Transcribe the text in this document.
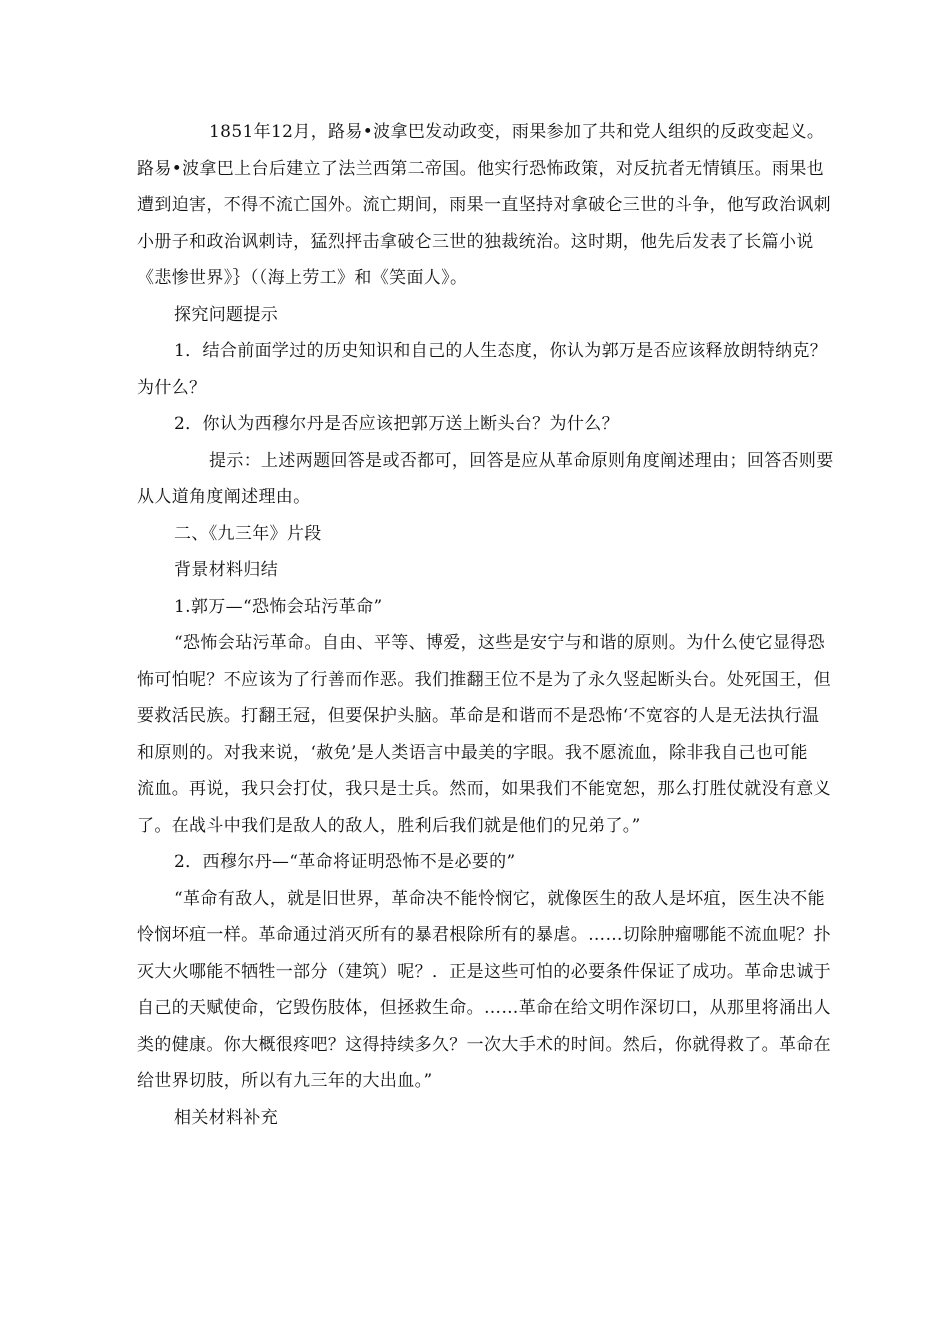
1851年12月，路易•波拿巴发动政变，雨果参加了共和党人组织的反政变起义。
路易•波拿巴上台后建立了法兰西第二帝国。他实行恐怖政策，对反抗者无情镇压。雨果也
遭到迫害，不得不流亡国外。流亡期间，雨果一直坚持对拿破仑三世的斗争，他写政治讽刺
小册子和政治讽刺诗，猛烈抨击拿破仑三世的独裁统治。这时期，他先后发表了长篇小说
《悲惨世界》｝（（海上劳工》和《笑面人》。
探究问题提示
1．结合前面学过的历史知识和自己的人生态度，你认为郭万是否应该释放朗特纳克？
为什么？
2．你认为西穆尔丹是否应该把郭万送上断头台？为什么？
提示：上述两题回答是或否都可，回答是应从革命原则角度阐述理由；回答否则要
从人道角度阐述理由。
二、《九三年》片段
背景材料归结
1.郭万—“恐怖会玷污革命”
“恐怖会玷污革命。自由、平等、博爱，这些是安宁与和谐的原则。为什么使它显得恐
怖可怕呢？不应该为了行善而作恶。我们推翻王位不是为了永久竖起断头台。处死国王，但
要救活民族。打翻王冠，但要保护头脑。革命是和谐而不是恐怖‘不宽容的人是无法执行温
和原则的。对我来说，‘赦免’是人类语言中最美的字眼。我不愿流血，除非我自己也可能
流血。再说，我只会打仗，我只是士兵。然而，如果我们不能宽恕，那么打胜仗就没有意义
了。在战斗中我们是敌人的敌人，胜利后我们就是他们的兄弟了。”
2．西穆尔丹—“革命将证明恐怖不是必要的”
“革命有敌人，就是旧世界，革命决不能怜悯它，就像医生的敌人是坏疽，医生决不能
怜悯坏疽一样。革命通过消灭所有的暴君根除所有的暴虐。……切除肿瘤哪能不流血呢？扑
灭大火哪能不牺牲一部分（建筑）呢？．正是这些可怕的必要条件保证了成功。革命忠诚于
自己的天赋使命，它毁伤肢体，但拯救生命。……革命在给文明作深切口，从那里将涌出人
类的健康。你大概很疼吧？这得持续多久？一次大手术的时间。然后，你就得救了。革命在
给世界切肢，所以有九三年的大出血。”
相关材料补充
